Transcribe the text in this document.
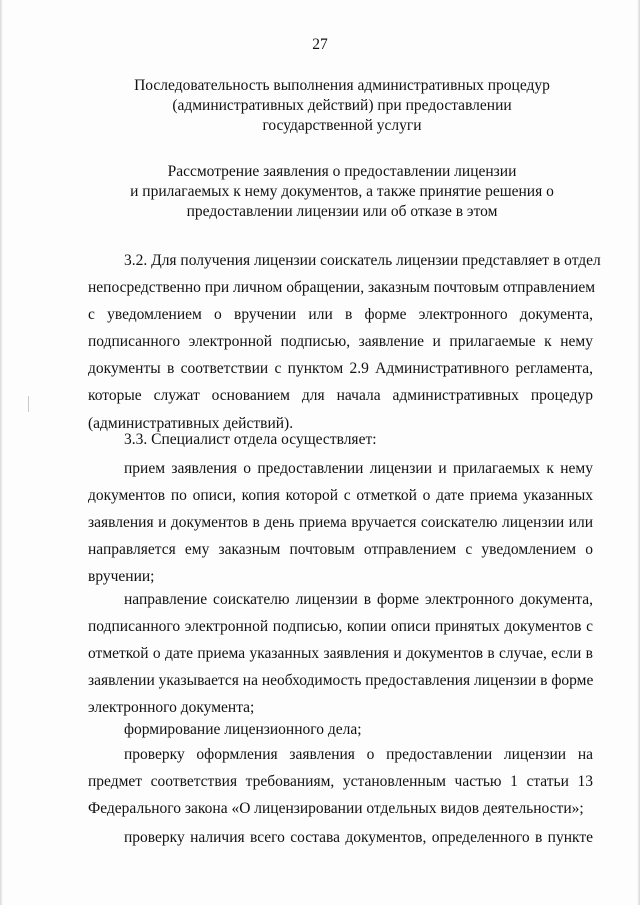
27
Последовательность выполнения административных процедур
(административных действий) при предоставлении
государственной услуги
Рассмотрение заявления о предоставлении лицензии
и прилагаемых к нему документов, а также принятие решения о
предоставлении лицензии или об отказе в этом
3.2. Для получения лицензии соискатель лицензии представляет в отдел
непосредственно при личном обращении, заказным почтовым отправлением
с уведомлением о вручении или в форме электронного документа,
подписанного электронной подписью, заявление и прилагаемые к нему
документы в соответствии с пунктом 2.9 Административного регламента,
которые служат основанием для начала административных процедур
(административных действий).
3.3. Специалист отдела осуществляет:
прием заявления о предоставлении лицензии и прилагаемых к нему
документов по описи, копия которой с отметкой о дате приема указанных
заявления и документов в день приема вручается соискателю лицензии или
направляется ему заказным почтовым отправлением с уведомлением о
вручении;
направление соискателю лицензии в форме электронного документа,
подписанного электронной подписью, копии описи принятых документов с
отметкой о дате приема указанных заявления и документов в случае, если в
заявлении указывается на необходимость предоставления лицензии в форме
электронного документа;
формирование лицензионного дела;
проверку оформления заявления о предоставлении лицензии на
предмет соответствия требованиям, установленным частью 1 статьи 13
Федерального закона «О лицензировании отдельных видов деятельности»;
проверку наличия всего состава документов, определенного в пункте
